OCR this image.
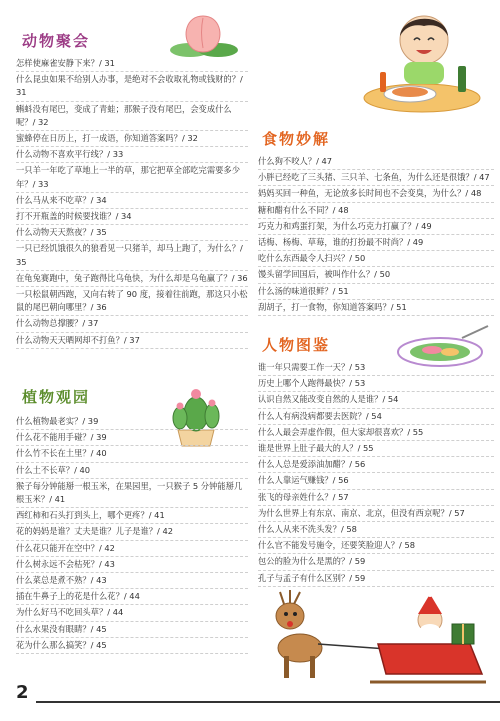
动物聚会
怎样使麻雀安静下来？/ 31
什么昆虫如果不给别人办事，是绝对不会收取礼物或钱财的？/ 31
蝌蚪没有尾巴，变成了青蛙；那猴子没有尾巴，会变成什么呢？/ 32
蜜蜂停在日历上，打一成语，你知道答案吗？/ 32
什么动物不喜欢平行线？/ 33
一只羊一年吃了草地上一半的草，那它把草全部吃完需要多少年？/ 33
什么马从来不吃草？/ 34
打不开瓶盖的时候要找谁？/ 34
什么动物天天熬夜？/ 35
一只已经饥饿很久的狼看见一只猪羊，却马上跑了，为什么？/ 35
在龟兔赛跑中，兔子跑得比乌龟快，为什么却是乌龟赢了？/ 36
一只松鼠朝西跑，又向右转了 90 度，接着往前跑，那这只小松鼠的尾巴朝向哪里？/ 36
什么动物总撑腰？/ 37
什么动物天天晒网却不打鱼？/ 37
植物观园
什么植物最老实？/ 39
什么花不能用手碰？/ 39
什么竹不长在土里？/ 40
什么土不长草？/ 40
猴子每分钟能掰一根玉米，在果园里，一只猴子 5 分钟能掰几根玉米？/ 41
西红柿和石头打到头上，哪个更疼？/ 41
花的妈妈是谁？丈夫是谁？儿子是谁？/ 42
什么花只能开在空中？/ 42
什么树永远不会枯死？/ 43
什么菜总是煮不熟？/ 43
插在牛鼻子上的花是什么花？/ 44
为什么好马不吃回头草？/ 44
什么水果没有眼睛？/ 45
花为什么那么搞笑？/ 45
食物妙解
什么狗不咬人？/ 47
小胖已经吃了三头猪、三只羊、七条鱼，为什么还是很饿？/ 47
妈妈买回一种鱼，无论放多长时间也不会变臭，为什么？/ 48
糖和醋有什么不同？/ 48
巧克力和鸡蛋打架，为什么巧克力打赢了？/ 49
话梅、杨梅、草莓，谁的打扮最不时尚？/ 49
吃什么东西最令人扫兴？/ 50
馒头留学回国后，被叫作什么？/ 50
什么汤的味道很鲜？/ 51
刮胡子，打一食物，你知道答案吗？/ 51
人物图鉴
谁一年只需要工作一天？/ 53
历史上哪个人跑得最快？/ 53
认识自然又能改变自然的人是谁？/ 54
什么人有病没病都要去医院？/ 54
什么人最会弄虚作假，但大家却很喜欢？/ 55
谁是世界上肚子最大的人？/ 55
什么人总是爱添油加醋？/ 56
什么人靠运气赚钱？/ 56
张飞的母亲姓什么？/ 57
为什么世界上有东京、南京、北京，但没有西京呢？/ 57
什么人从来不洗头发？/ 58
什么官不能发号施令，还要笑脸迎人？/ 58
包公的脸为什么是黑的？/ 59
孔子与孟子有什么区别？/ 59
2
